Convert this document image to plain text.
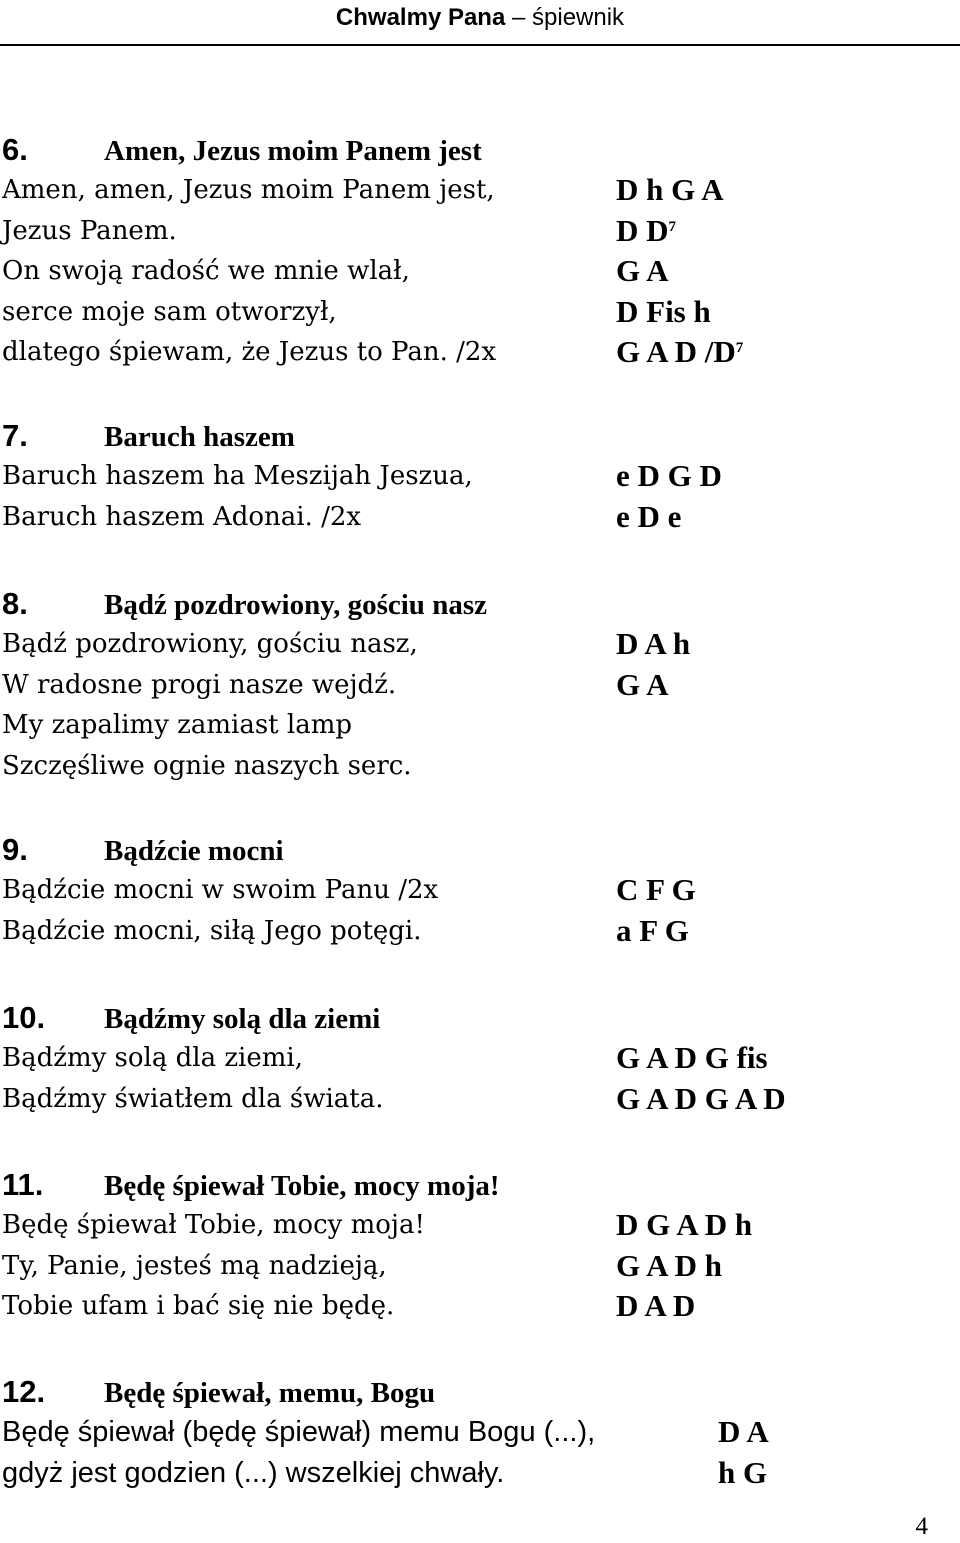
Chwalmy Pana – śpiewnik
6.	Amen, Jezus moim Panem jest
Amen, amen, Jezus moim Panem jest,	D h G A
Jezus Panem.	D $D^7$
On swoją radość we mnie wlał,	G A
serce moje sam otworzył,	D Fis h
dlatego śpiewam, że Jezus to Pan. /2x	G A D $/D^7$
7.	Baruch haszem
Baruch haszem ha Meszijah Jeszua,	e D G D
Baruch haszem Adonai. /2x	e D e
8.	Bądź pozdrowiony, gościu nasz
Bądź pozdrowiony, gościu nasz,	D A h
W radosne progi nasze wejdź.	G A
My zapalimy zamiast lamp
Szczęśliwe ognie naszych serc.
9.	Bądźcie mocni
Bądźcie mocni w swoim Panu /2x	C F G
Bądźcie mocni, siłą Jego potęgi.	a F G
10. Bądźmy solą dla ziemi
Bądźmy solą dla ziemi,	G A D G fis
Bądźmy światłem dla świata.	G A D G A D
11. Będę śpiewał Tobie, mocy moja!
Będę śpiewał Tobie, mocy moja!	D G A D h
Ty, Panie, jesteś mą nadzieją,	G A D h
Tobie ufam i bać się nie będę.	D A D
12. Będę śpiewał, memu, Bogu
Będę śpiewał (będę śpiewał) memu Bogu (...),	D A
gdyż jest godzien (...) wszelkiej chwały.	h G
4
